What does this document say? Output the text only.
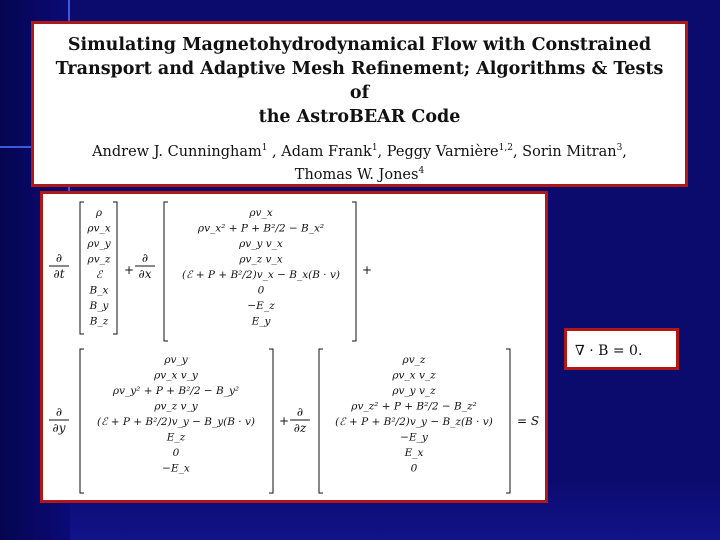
Simulating Magnetohydrodynamical Flow with Constrained
Transport and Adaptive Mesh Refinement; Algorithms & Tests of
the AstroBEAR Code
Andrew J. Cunningham$^1$ , Adam Frank$^1$, Peggy Varnière$^{1,2}$, Sorin Mitran$^3$, Thomas W. Jones$^4$
∂
∂t
ρ
ρv_x
ρv_y
ρv_z
ℰ
B_x
B_y
B_z
+
∂
∂x
ρv_x
ρv_x² + P + B²/2 − B_x²
ρv_y v_x
ρv_z v_x
(ℰ + P + B²/2)v_x − B_x(B · v)
0
−E_z
E_y
+
∂
∂y
ρv_y
ρv_x v_y
ρv_y² + P + B²/2 − B_y²
ρv_z v_y
(ℰ + P + B²/2)v_y − B_y(B · v)
E_z
0
−E_x
+
∂
∂z
ρv_z
ρv_x v_z
ρv_y v_z
ρv_z² + P + B²/2 − B_z²
(ℰ + P + B²/2)v_y − B_z(B · v)
−E_y
E_x
0
= S
∇ · B = 0.
